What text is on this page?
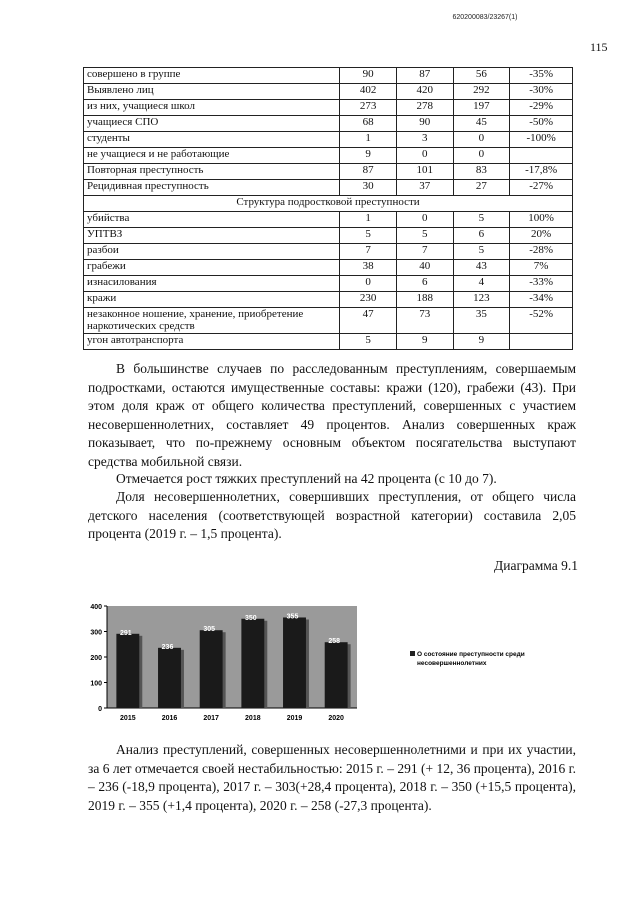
620200083/23267(1)
115
совершено в группе	90	87	56	-35%
Выявлено лиц	402	420	292	-30%
из них, учащиеся школ	273	278	197	-29%
учащиеся СПО	68	90	45	-50%
студенты	1	3	0	-100%
не учащиеся и не работающие	9	0	0	
Повторная преступность	87	101	83	-17,8%
Рецидивная преступность	30	37	27	-27%
Структура подростковой преступности				
убийства	1	0	5	100%
УПТВЗ	5	5	6	20%
разбои	7	7	5	-28%
грабежи	38	40	43	7%
изнасилования	0	6	4	-33%
кражи	230	188	123	-34%
незаконное ношение, хранение, приобретение наркотических средств	47	73	35	-52%
угон автотранспорта	5	9	9	
В большинстве случаев по расследованным преступлениям, совершаемым подростками, остаются имущественные составы: кражи (120), грабежи (43). При этом доля краж от общего количества преступлений, совершенных с участием несовершеннолетних, составляет 49 процентов. Анализ совершенных краж показывает, что по-прежнему основным объектом посягательства выступают средства мобильной связи.
Отмечается рост тяжких преступлений на 42 процента (с 10 до 7).
Доля несовершеннолетних, совершивших преступления, от общего числа детского населения (соответствующей возрастной категории) составила 2,05 процента (2019 г. – 1,5 процента).
Диаграмма 9.1
0
100
200
300
400
291
2015
236
2016
305
2017
350
2018
355
2019
258
2020
О состояние преступности среди
несовершеннолетних
Анализ преступлений, совершенных несовершеннолетними и при их участии, за 6 лет отмечается своей нестабильностью: 2015 г. – 291 (+ 12, 36 процента), 2016 г. – 236 (-18,9 процента), 2017 г. – 303(+28,4 процента), 2018 г. – 350 (+15,5 процента), 2019 г. – 355 (+1,4 процента), 2020 г. – 258 (-27,3 процента).
